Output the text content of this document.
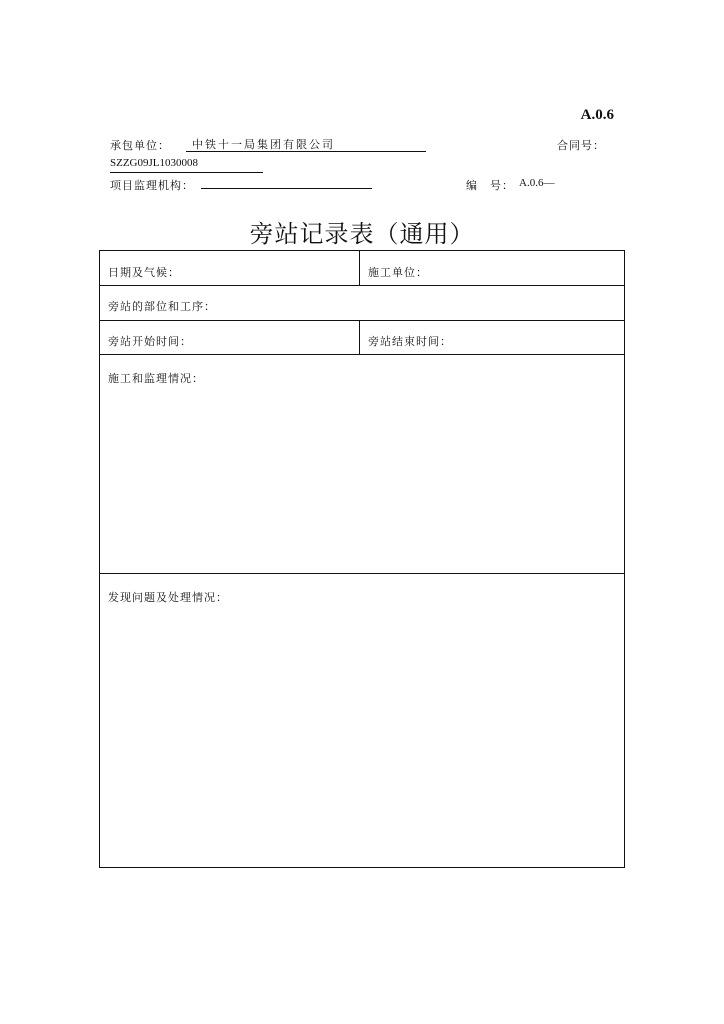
A.0.6
承包单位：	中铁十一局集团有限公司	合同号：
SZZG09JL1030008
项目监理机构：	编　号： A.0.6—
旁站记录表（通用）
日期及气候：	施工单位：
旁站的部位和工序：
旁站开始时间：	旁站结束时间：
施工和监理情况：
发现问题及处理情况：
